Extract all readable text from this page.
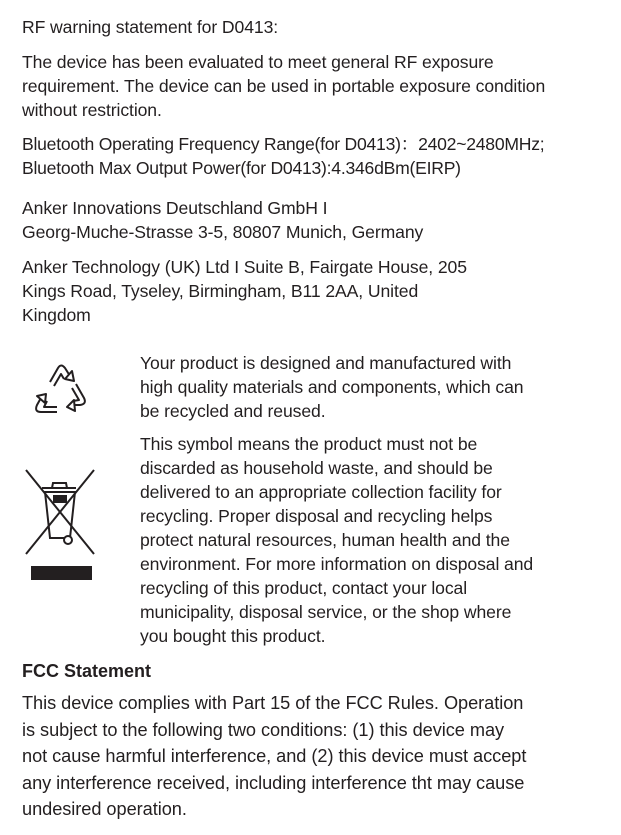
RF warning statement for D0413:

The device has been evaluated to meet general RF exposure
requirement. The device can be used in portable exposure condition
without restriction.

Bluetooth Operating Frequency Range(for D0413)：2402~2480MHz;
Bluetooth Max Output Power(for D0413):4.346dBm(EIRP)

Anker Innovations Deutschland GmbH I
Georg-Muche-Strasse 3-5, 80807 Munich, Germany

Anker Technology (UK) Ltd I Suite B, Fairgate House, 205
Kings Road, Tyseley, Birmingham, B11 2AA, United
Kingdom

Your product is designed and manufactured with
high quality materials and components, which can
be recycled and reused.

This symbol means the product must not be
discarded as household waste, and should be
delivered to an appropriate collection facility for
recycling. Proper disposal and recycling helps
protect natural resources, human health and the
environment. For more information on disposal and
recycling of this product, contact your local
municipality, disposal service, or the shop where
you bought this product.

FCC Statement

This device complies with Part 15 of the FCC Rules. Operation
is subject to the following two conditions: (1) this device may
not cause harmful interference, and (2) this device must accept
any interference received, including interference tht may cause
undesired operation.
